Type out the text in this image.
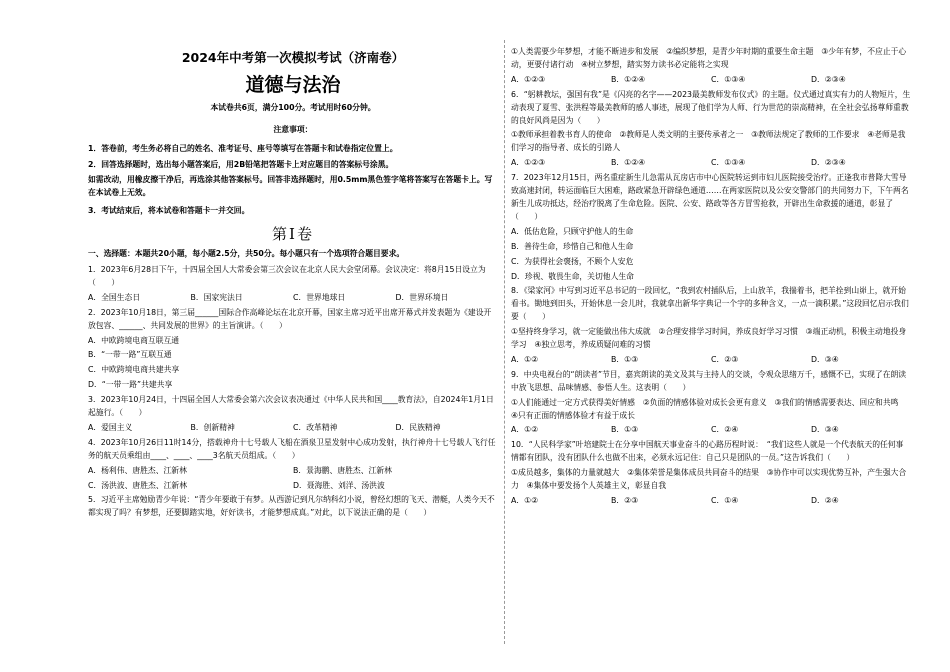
2024年中考第一次模拟考试（济南卷）
道德与法治
本试卷共6页，满分100分。考试用时60分钟。
注意事项：

1．答卷前，考生务必将自己的姓名、准考证号、座号等填写在答题卡和试卷指定位置上。

2．回答选择题时，选出每小题答案后，用2B铅笔把答题卡上对应题目的答案标号涂黑。

如需改动，用橡皮擦干净后，再选涂其他答案标号。回答非选择题时，用0.5mm黑色签字笔将答案写在答题卡上。写在本试卷上无效。

3．考试结束后，将本试卷和答题卡一并交回。

第Ⅰ卷
一、选择题：本题共20小题，每小题2.5分，共50分。每小题只有一个选项符合题目要求。
1．2023年6月28日下午，十四届全国人大常委会第三次会议在北京人民大会堂闭幕。会议决定：将8月15日设立为（　　）
A．全国生态日	B．国家宪法日	C．世界地球日	D．世界环境日
2．2023年10月18日，第三届______国际合作高峰论坛在北京开幕，国家主席习近平出席开幕式并发表题为《建设开放包容、______、共同发展的世界》的主旨演讲。（　　）
A．中欧跨境电商互联互通
B．“一带一路”互联互通
C．中欧跨境电商共建共享
D．“一带一路”共建共享
3．2023年10月24日，十四届全国人大常委会第六次会议表决通过《中华人民共和国____教育法》，自2024年1月1日起施行。（　　）
A．爱国主义	B．创新精神	C．改革精神	D．民族精神
4．2023年10月26日11时14分，搭载神舟十七号载人飞船在酒泉卫星发射中心成功发射，执行神舟十七号载人飞行任务的航天员乘组由____、____、____3名航天员组成。（　　）
A．杨利伟、唐胜杰、江新林	B．景海鹏、唐胜杰、江新林
C．汤洪波、唐胜杰、江新林	D．聂海胜、刘洋、汤洪波
5．习近平主席勉励青少年说：“青少年要敢于有梦。从西游记到凡尔纳科幻小说，曾经幻想的飞天、潜艇，人类今天不都实现了吗？有梦想，还要脚踏实地，好好读书，才能梦想成真。”对此，以下说法正确的是（　　）
①人类需要少年梦想，才能不断进步和发展　②编织梦想，是青少年时期的重要生命主题　③少年有梦，不应止于心动，更要付诸行动　④树立梦想，踏实努力读书必定能将之实现
A．①②③	B．①②④	C．①③④	D．②③④
6．“躬耕教坛，强国有我”是《闪亮的名字——2023最美教师发布仪式》的主题。仪式通过真实有力的人物短片，生动表现了夏雪、张洪程等最美教师的感人事迹，展现了他们学为人师、行为世范的崇高精神，在全社会弘扬尊师重教的良好风尚是因为（　　）
①教师承担着教书育人的使命　②教师是人类文明的主要传承者之一　③教师法规定了教师的工作要求　④老师是我们学习的指导者、成长的引路人
A．①②③	B．①②④	C．①③④	D．②③④
7．2023年12月15日，两名重症新生儿急需从瓦房店市中心医院转运到市妇儿医院接受治疗。正逢我市普降大雪导致高速封闭，转运面临巨大困难，路政紧急开辟绿色通道……在两家医院以及公安交警部门的共同努力下，下午两名新生儿成功抵达，经治疗脱离了生命危险。医院、公安、路政等各方冒雪抢救，开辟出生命救援的通道，彰显了（　　）
A．低估危险，只顾守护他人的生命
B．善待生命，珍惜自己和他人生命
C．为获得社会褒扬，不顾个人安危
D．珍视、敬畏生命，关切他人生命
8．《梁家河》中写到习近平总书记的一段回忆，“我到农村插队后，上山放羊，我揣着书，把羊拴到山峁上，就开始看书。锄地到田头，开始休息一会儿时，我就拿出新华字典记一个字的多种含义，一点一滴积累。”这段回忆启示我们要（　　）
①坚持终身学习，就一定能做出伟大成就　②合理安排学习时间，养成良好学习习惯　③端正动机，积极主动地投身学习　④独立思考，养成质疑问难的习惯
A．①②	B．①③	C．②③	D．③④
9．中央电视台的“朗读者”节目，嘉宾朗读的美文及其与主持人的交谈，令观众思绪万千，感慨不已，实现了在朗读中放飞思想、品味情感、参悟人生。这表明（　　）
①人们能通过一定方式获得美好情感　②负面的情感体验对成长会更有意义　③我们的情感需要表达、回应和共鸣　④只有正面的情感体验才有益于成长
A．①②	B．①③	C．②④	D．③④
10．“人民科学家”叶培建院士在分享中国航天事业奋斗的心路历程时说：　“我们这些人就是一个代表航天的任何事情都有团队，没有团队什么也做不出来，必须永远记住：自己只是团队的一员。”这告诉我们（　　）
①成员越多，集体的力量就越大　②集体荣誉是集体成员共同奋斗的结果　③协作中可以实现优势互补，产生强大合力　④集体中要发扬个人英雄主义，彰显自我
A．①②	B．②③	C．①④	D．②④
